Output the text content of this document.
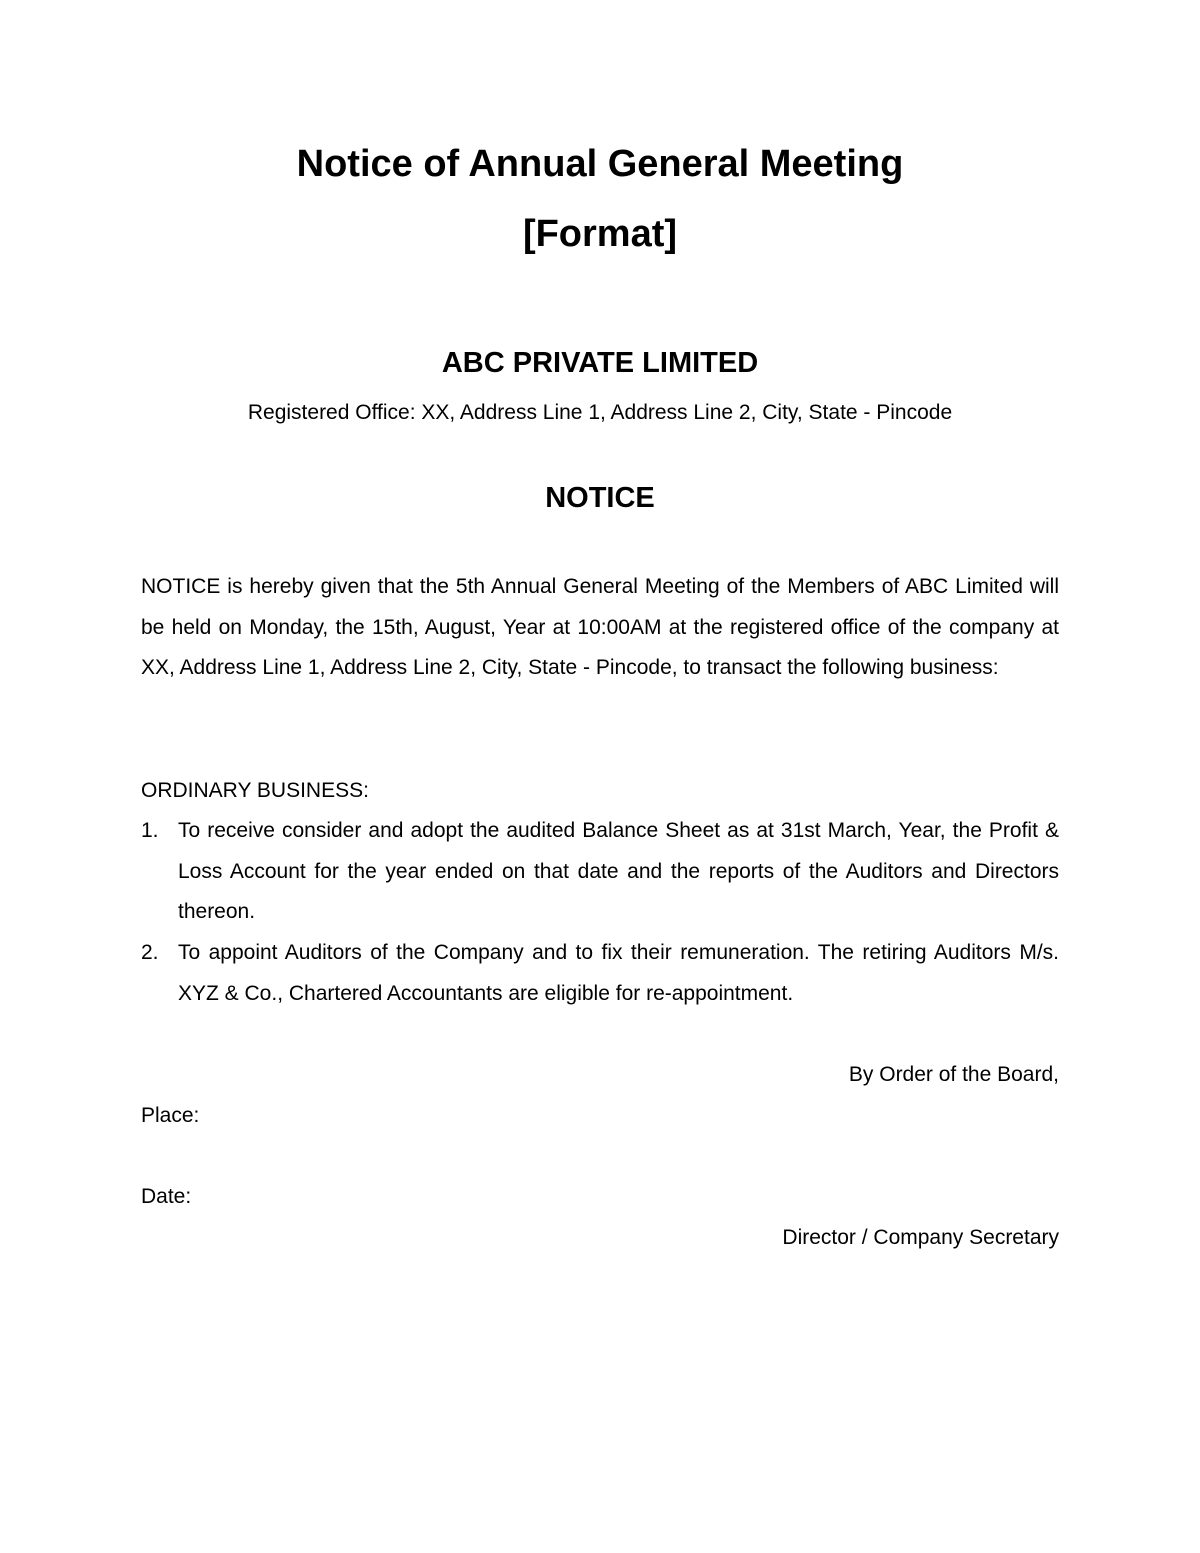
Notice of Annual General Meeting
[Format]
ABC PRIVATE LIMITED
Registered Office: XX, Address Line 1, Address Line 2, City, State - Pincode
NOTICE
NOTICE is hereby given that the 5th Annual General Meeting of the Members of ABC Limited will be held on Monday, the 15th, August, Year at 10:00AM at the registered office of the company at XX, Address Line 1, Address Line 2, City, State - Pincode, to transact the following business:
ORDINARY BUSINESS:
1. To receive consider and adopt the audited Balance Sheet as at 31st March, Year, the Profit & Loss Account for the year ended on that date and the reports of the Auditors and Directors thereon.
2. To appoint Auditors of the Company and to fix their remuneration. The retiring Auditors M/s. XYZ & Co., Chartered Accountants are eligible for re-appointment.
By Order of the Board,
Place:
Date:
Director / Company Secretary
